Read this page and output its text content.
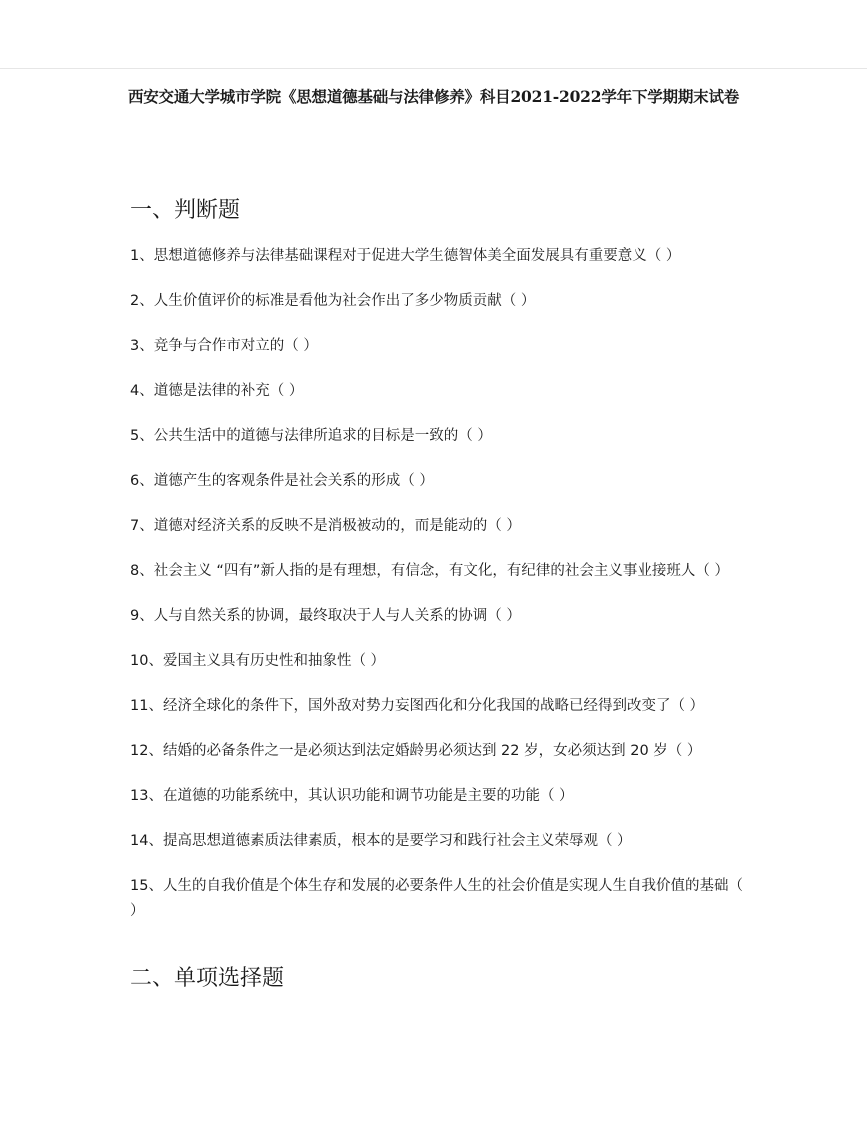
西安交通大学城市学院《思想道德基础与法律修养》科目2021-2022学年下学期期末试卷
一、判断题
1、思想道德修养与法律基础课程对于促进大学生德智体美全面发展具有重要意义（ ）
2、人生价值评价的标准是看他为社会作出了多少物质贡献（ ）
3、竞争与合作市对立的（ ）
4、道德是法律的补充（ ）
5、公共生活中的道德与法律所追求的目标是一致的（ ）
6、道德产生的客观条件是社会关系的形成（ ）
7、道德对经济关系的反映不是消极被动的，而是能动的（ ）
8、社会主义 “四有”新人指的是有理想，有信念，有文化，有纪律的社会主义事业接班人（ ）
9、人与自然关系的协调，最终取决于人与人关系的协调（ ）
10、爱国主义具有历史性和抽象性（ ）
11、经济全球化的条件下，国外敌对势力妄图西化和分化我国的战略已经得到改变了（ ）
12、结婚的必备条件之一是必须达到法定婚龄男必须达到 22 岁，女必须达到 20 岁（ ）
13、在道德的功能系统中，其认识功能和调节功能是主要的功能（ ）
14、提高思想道德素质法律素质，根本的是要学习和践行社会主义荣辱观（ ）
15、人生的自我价值是个体生存和发展的必要条件人生的社会价值是实现人生自我价值的基础（ ）
二、单项选择题
